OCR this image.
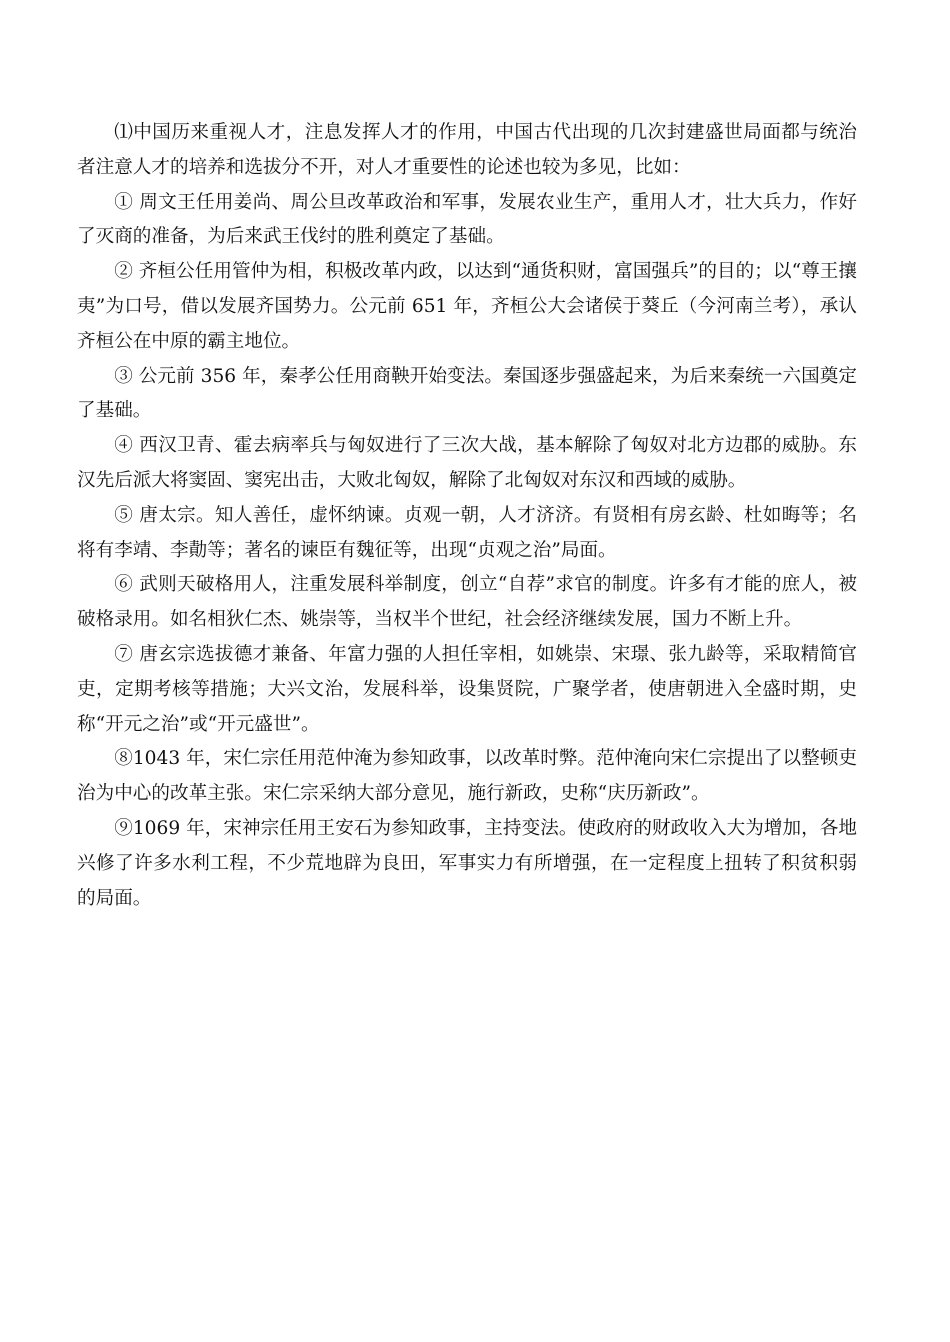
⑴中国历来重视人才，注息发挥人才的作用，中国古代出现的几次封建盛世局面都与统治者注意人才的培养和选拔分不开，对人才重要性的论述也较为多见，比如：

① 周文王任用姜尚、周公旦改革政治和军事，发展农业生产，重用人才，壮大兵力，作好了灭商的准备，为后来武王伐纣的胜利奠定了基础。

② 齐桓公任用管仲为相，积极改革内政，以达到“通货积财，富国强兵”的目的；以“尊王攘夷”为口号，借以发展齐国势力。公元前 651 年，齐桓公大会诸侯于葵丘（今河南兰考），承认齐桓公在中原的霸主地位。

③ 公元前 356 年，秦孝公任用商鞅开始变法。秦国逐步强盛起来，为后来秦统一六国奠定了基础。

④ 西汉卫青、霍去病率兵与匈奴进行了三次大战，基本解除了匈奴对北方边郡的威胁。东汉先后派大将窦固、窦宪出击，大败北匈奴，解除了北匈奴对东汉和西域的威胁。

⑤ 唐太宗。知人善任，虚怀纳谏。贞观一朝，人才济济。有贤相有房玄龄、杜如晦等；名将有李靖、李勣等；著名的谏臣有魏征等，出现“贞观之治”局面。

⑥ 武则天破格用人，注重发展科举制度，创立“自荐”求官的制度。许多有才能的庶人，被破格录用。如名相狄仁杰、姚崇等，当权半个世纪，社会经济继续发展，国力不断上升。

⑦ 唐玄宗选拔德才兼备、年富力强的人担任宰相，如姚崇、宋璟、张九龄等，采取精简官吏，定期考核等措施；大兴文治，发展科举，设集贤院，广聚学者，使唐朝进入全盛时期，史称“开元之治”或“开元盛世”。

⑧1043 年，宋仁宗任用范仲淹为参知政事，以改革时弊。范仲淹向宋仁宗提出了以整顿吏治为中心的改革主张。宋仁宗采纳大部分意见，施行新政，史称“庆历新政”。

⑨1069 年，宋神宗任用王安石为参知政事，主持变法。使政府的财政收入大为增加，各地兴修了许多水利工程，不少荒地辟为良田，军事实力有所增强，在一定程度上扭转了积贫积弱的局面。
